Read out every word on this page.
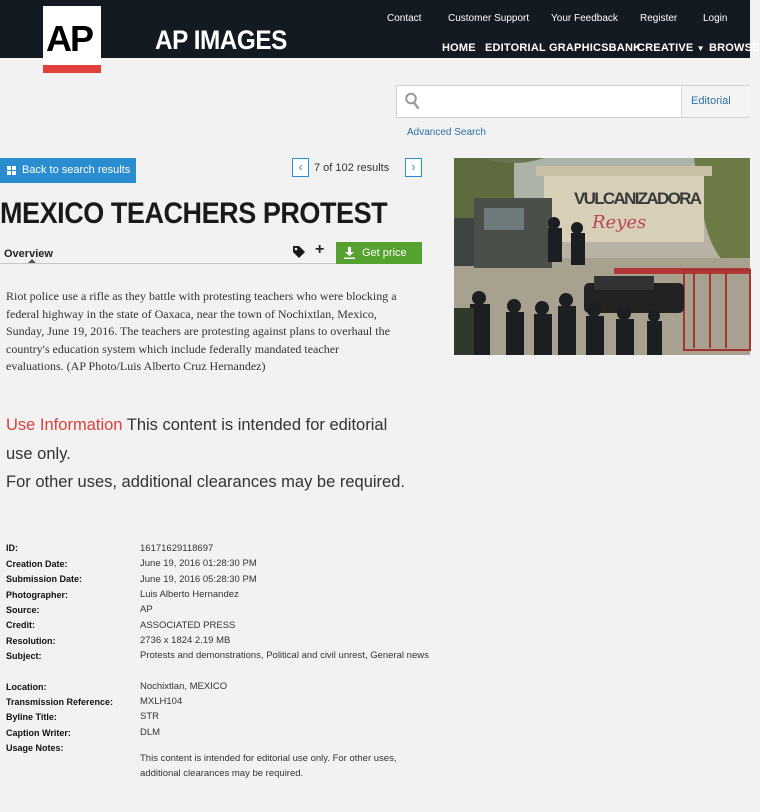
AP AP IMAGES
Contact	Customer Support Your Feedback Register	Login
HOME EDITORIAL GRAPHICSBANK
CREATIVE ▼ BROWSE
Editorial
Advanced Search
Back to search results	‹	7 of 102 results	›
MEXICO TEACHERS PROTEST
Overview	+	Get price

Riot police use a rifle as they battle with protesting teachers who were blocking a federal highway in the state of Oaxaca, near the town of Nochixtlan, Mexico, Sunday, June 19, 2016. The teachers are protesting against plans to overhaul the country's education system which include federally mandated teacher evaluations. (AP Photo/Luis Alberto Cruz Hernandez)

Use Information This content is intended for editorial use only.
For other uses, additional clearances may be required.
ID:	16171629118697
Creation Date:	June 19, 2016 01:28:30 PM
Submission Date:	June 19, 2016 05:28:30 PM
Photographer:	Luis Alberto Hernandez
Source:	AP
Credit:	ASSOCIATED PRESS
Resolution:	2736 x 1824 2.19 MB
Subject:	Protests and demonstrations, Political and civil unrest, General news
Location:	Nochixtlan, MEXICO
Transmission Reference:	MXLH104
Byline Title:	STR
Caption Writer:	DLM
Usage Notes:
This content is intended for editorial use only. For other uses, additional clearances may be required.
VULCANIZADORA
Reyes
